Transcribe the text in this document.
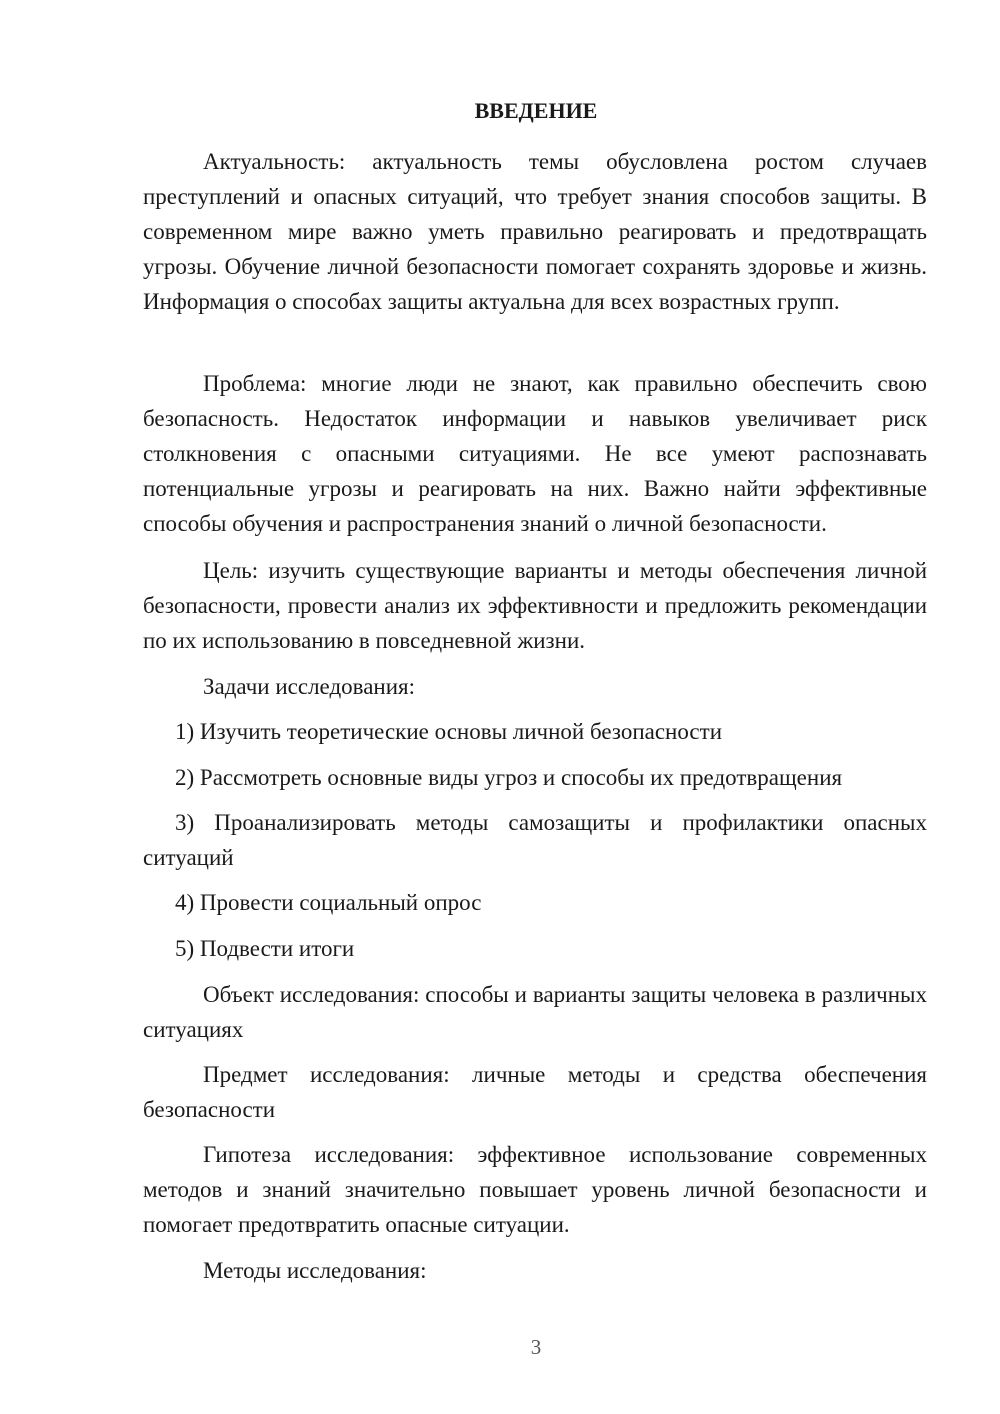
ВВЕДЕНИЕ

Актуальность: актуальность темы обусловлена ростом случаев преступлений и опасных ситуаций, что требует знания способов защиты. В современном мире важно уметь правильно реагировать и предотвращать угрозы. Обучение личной безопасности помогает сохранять здоровье и жизнь. Информация о способах защиты актуальна для всех возрастных групп.

Проблема: многие люди не знают, как правильно обеспечить свою безопасность. Недостаток информации и навыков увеличивает риск столкновения с опасными ситуациями. Не все умеют распознавать потенциальные угрозы и реагировать на них. Важно найти эффективные способы обучения и распространения знаний о личной безопасности.

Цель: изучить существующие варианты и методы обеспечения личной безопасности, провести анализ их эффективности и предложить рекомендации по их использованию в повседневной жизни.

Задачи исследования:

1) Изучить теоретические основы личной безопасности

2) Рассмотреть основные виды угроз и способы их предотвращения

3) Проанализировать методы самозащиты и профилактики опасных ситуаций

4) Провести социальный опрос

5) Подвести итоги

Объект исследования: способы и варианты защиты человека в различных ситуациях

Предмет исследования: личные методы и средства обеспечения безопасности

Гипотеза исследования: эффективное использование современных методов и знаний значительно повышает уровень личной безопасности и помогает предотвратить опасные ситуации.

Методы исследования:

3
